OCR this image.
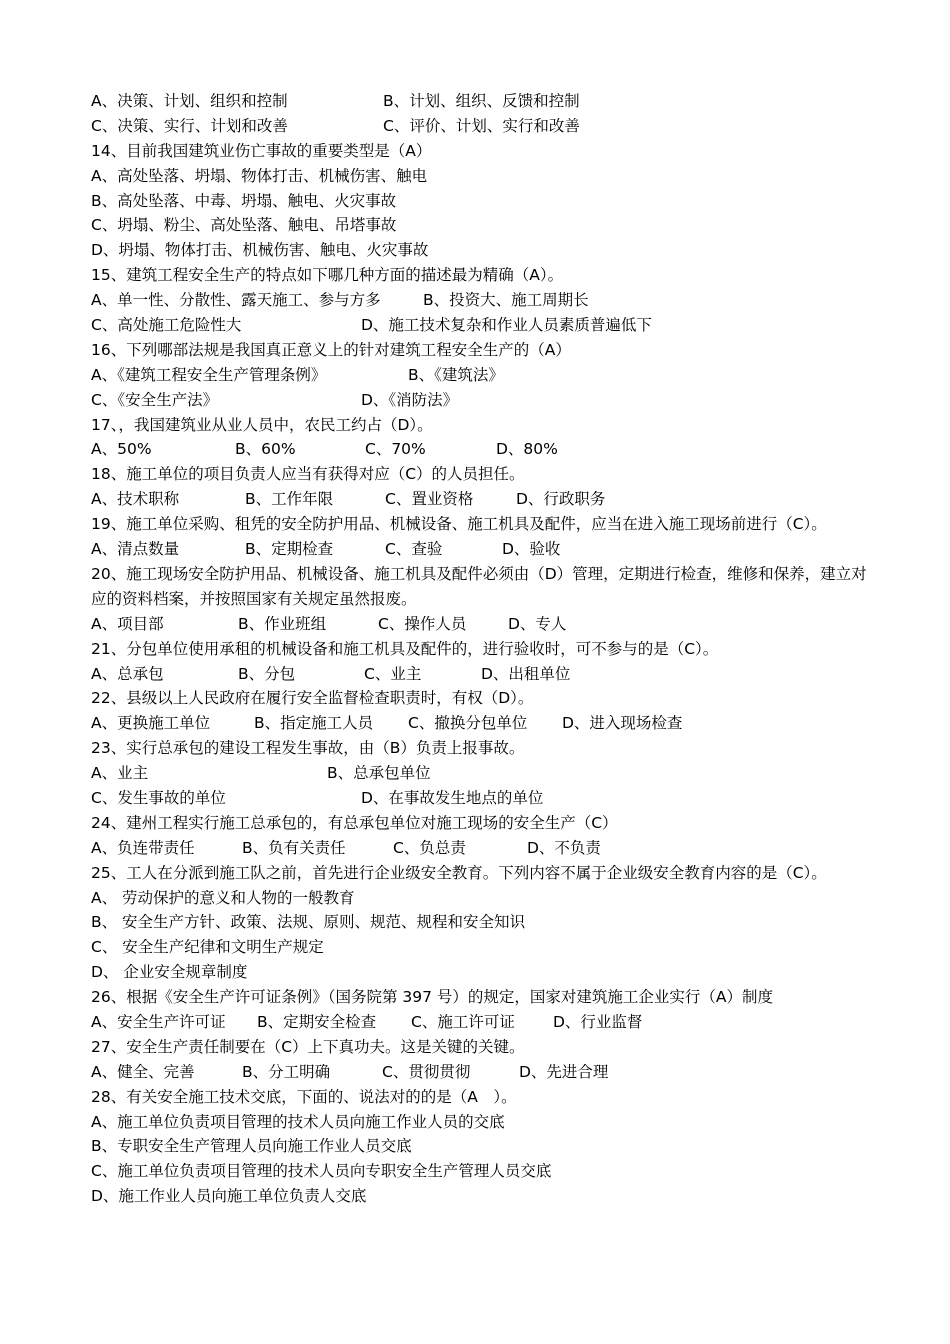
A、决策、计划、组织和控制	B、计划、组织、反馈和控制
C、决策、实行、计划和改善	C、评价、计划、实行和改善
14、目前我国建筑业伤亡事故的重要类型是（A）
A、高处坠落、坍塌、物体打击、机械伤害、触电
B、高处坠落、中毒、坍塌、触电、火灾事故
C、坍塌、粉尘、高处坠落、触电、吊塔事故
D、坍塌、物体打击、机械伤害、触电、火灾事故
15、建筑工程安全生产的特点如下哪几种方面的描述最为精确（A）。
A、单一性、分散性、露天施工、参与方多	B、投资大、施工周期长
C、高处施工危险性大	D、施工技术复杂和作业人员素质普遍低下
16、下列哪部法规是我国真正意义上的针对建筑工程安全生产的（A）
A、《建筑工程安全生产管理条例》	B、《建筑法》
C、《安全生产法》	D、《消防法》
17、，我国建筑业从业人员中，农民工约占（D）。
A、50%	B、60%	C、70%	D、80%
18、施工单位的项目负责人应当有获得对应（C）的人员担任。
A、技术职称	B、工作年限	C、置业资格	D、行政职务
19、施工单位采购、租凭的安全防护用品、机械设备、施工机具及配件，应当在进入施工现场前进行（C）。
A、清点数量	B、定期检查	C、查验	D、验收
20、施工现场安全防护用品、机械设备、施工机具及配件必须由（D）管理，定期进行检查，维修和保养，建立对应的资料档案，并按照国家有关规定虽然报废。
A、项目部	B、作业班组	C、操作人员	D、专人
21、分包单位使用承租的机械设备和施工机具及配件的，进行验收时，可不参与的是（C）。
A、总承包	B、分包	C、业主	D、出租单位
22、县级以上人民政府在履行安全监督检查职责时，有权（D）。
A、更换施工单位	B、指定施工人员 C、撤换分包单位 D、进入现场检查
23、实行总承包的建设工程发生事故，由（B）负责上报事故。
A、业主	B、总承包单位
C、发生事故的单位	D、在事故发生地点的单位
24、建州工程实行施工总承包的，有总承包单位对施工现场的安全生产（C）
A、负连带责任	B、负有关责任	C、负总责	D、不负责
25、工人在分派到施工队之前，首先进行企业级安全教育。下列内容不属于企业级安全教育内容的是（C）。
A、 劳动保护的意义和人物的一般教育
B、 安全生产方针、政策、法规、原则、规范、规程和安全知识
C、 安全生产纪律和文明生产规定
D、 企业安全规章制度
26、根据《安全生产许可证条例》（国务院第 397 号）的规定，国家对建筑施工企业实行（A）制度
A、安全生产许可证 B、定期安全检查 C、施工许可证 D、行业监督
27、安全生产责任制要在（C）上下真功夫。这是关键的关键。
A、健全、完善	B、分工明确	C、贯彻贯彻	D、先进合理
28、有关安全施工技术交底，下面的、说法对的的是（A　）。
A、施工单位负责项目管理的技术人员向施工作业人员的交底
B、专职安全生产管理人员向施工作业人员交底
C、施工单位负责项目管理的技术人员向专职安全生产管理人员交底
D、施工作业人员向施工单位负责人交底
